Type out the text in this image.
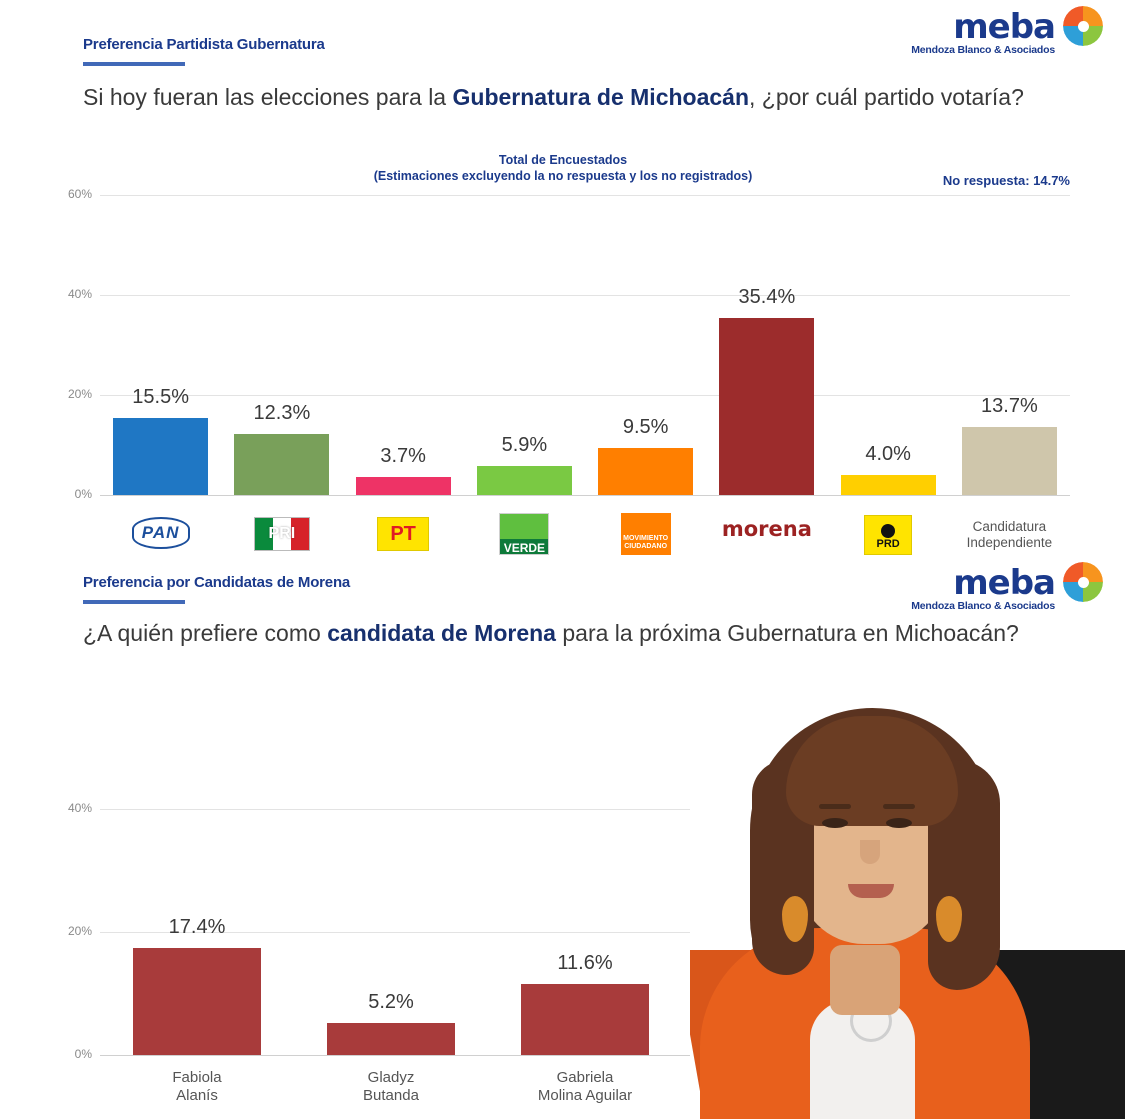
meba
Mendoza Blanco & Asociados
Preferencia Partidista Gubernatura
Si hoy fueran las elecciones para la Gubernatura de Michoacán, ¿por cuál partido votaría?
Total de Encuestados
(Estimaciones excluyendo la no respuesta y los no registrados)	No respuesta: 14.7%
0%
20%
40%
60%
15.5%
12.3%
3.7%	5.9%
9.5%
35.4%
4.0%
13.7%
PAN	PRI	PT
VERDE
MOVIMIENTO CIUDADANO
morena
PRD
Candidatura
Independiente
meba
Mendoza Blanco & Asociados
Preferencia por Candidatas de Morena
¿A quién prefiere como candidata de Morena para la próxima Gubernatura en Michoacán?
0%
20%
40%
17.4%
5.2%
11.6%
Fabiola
Alanís
Gladyz
Butanda
Gabriela
Molina Aguilar
